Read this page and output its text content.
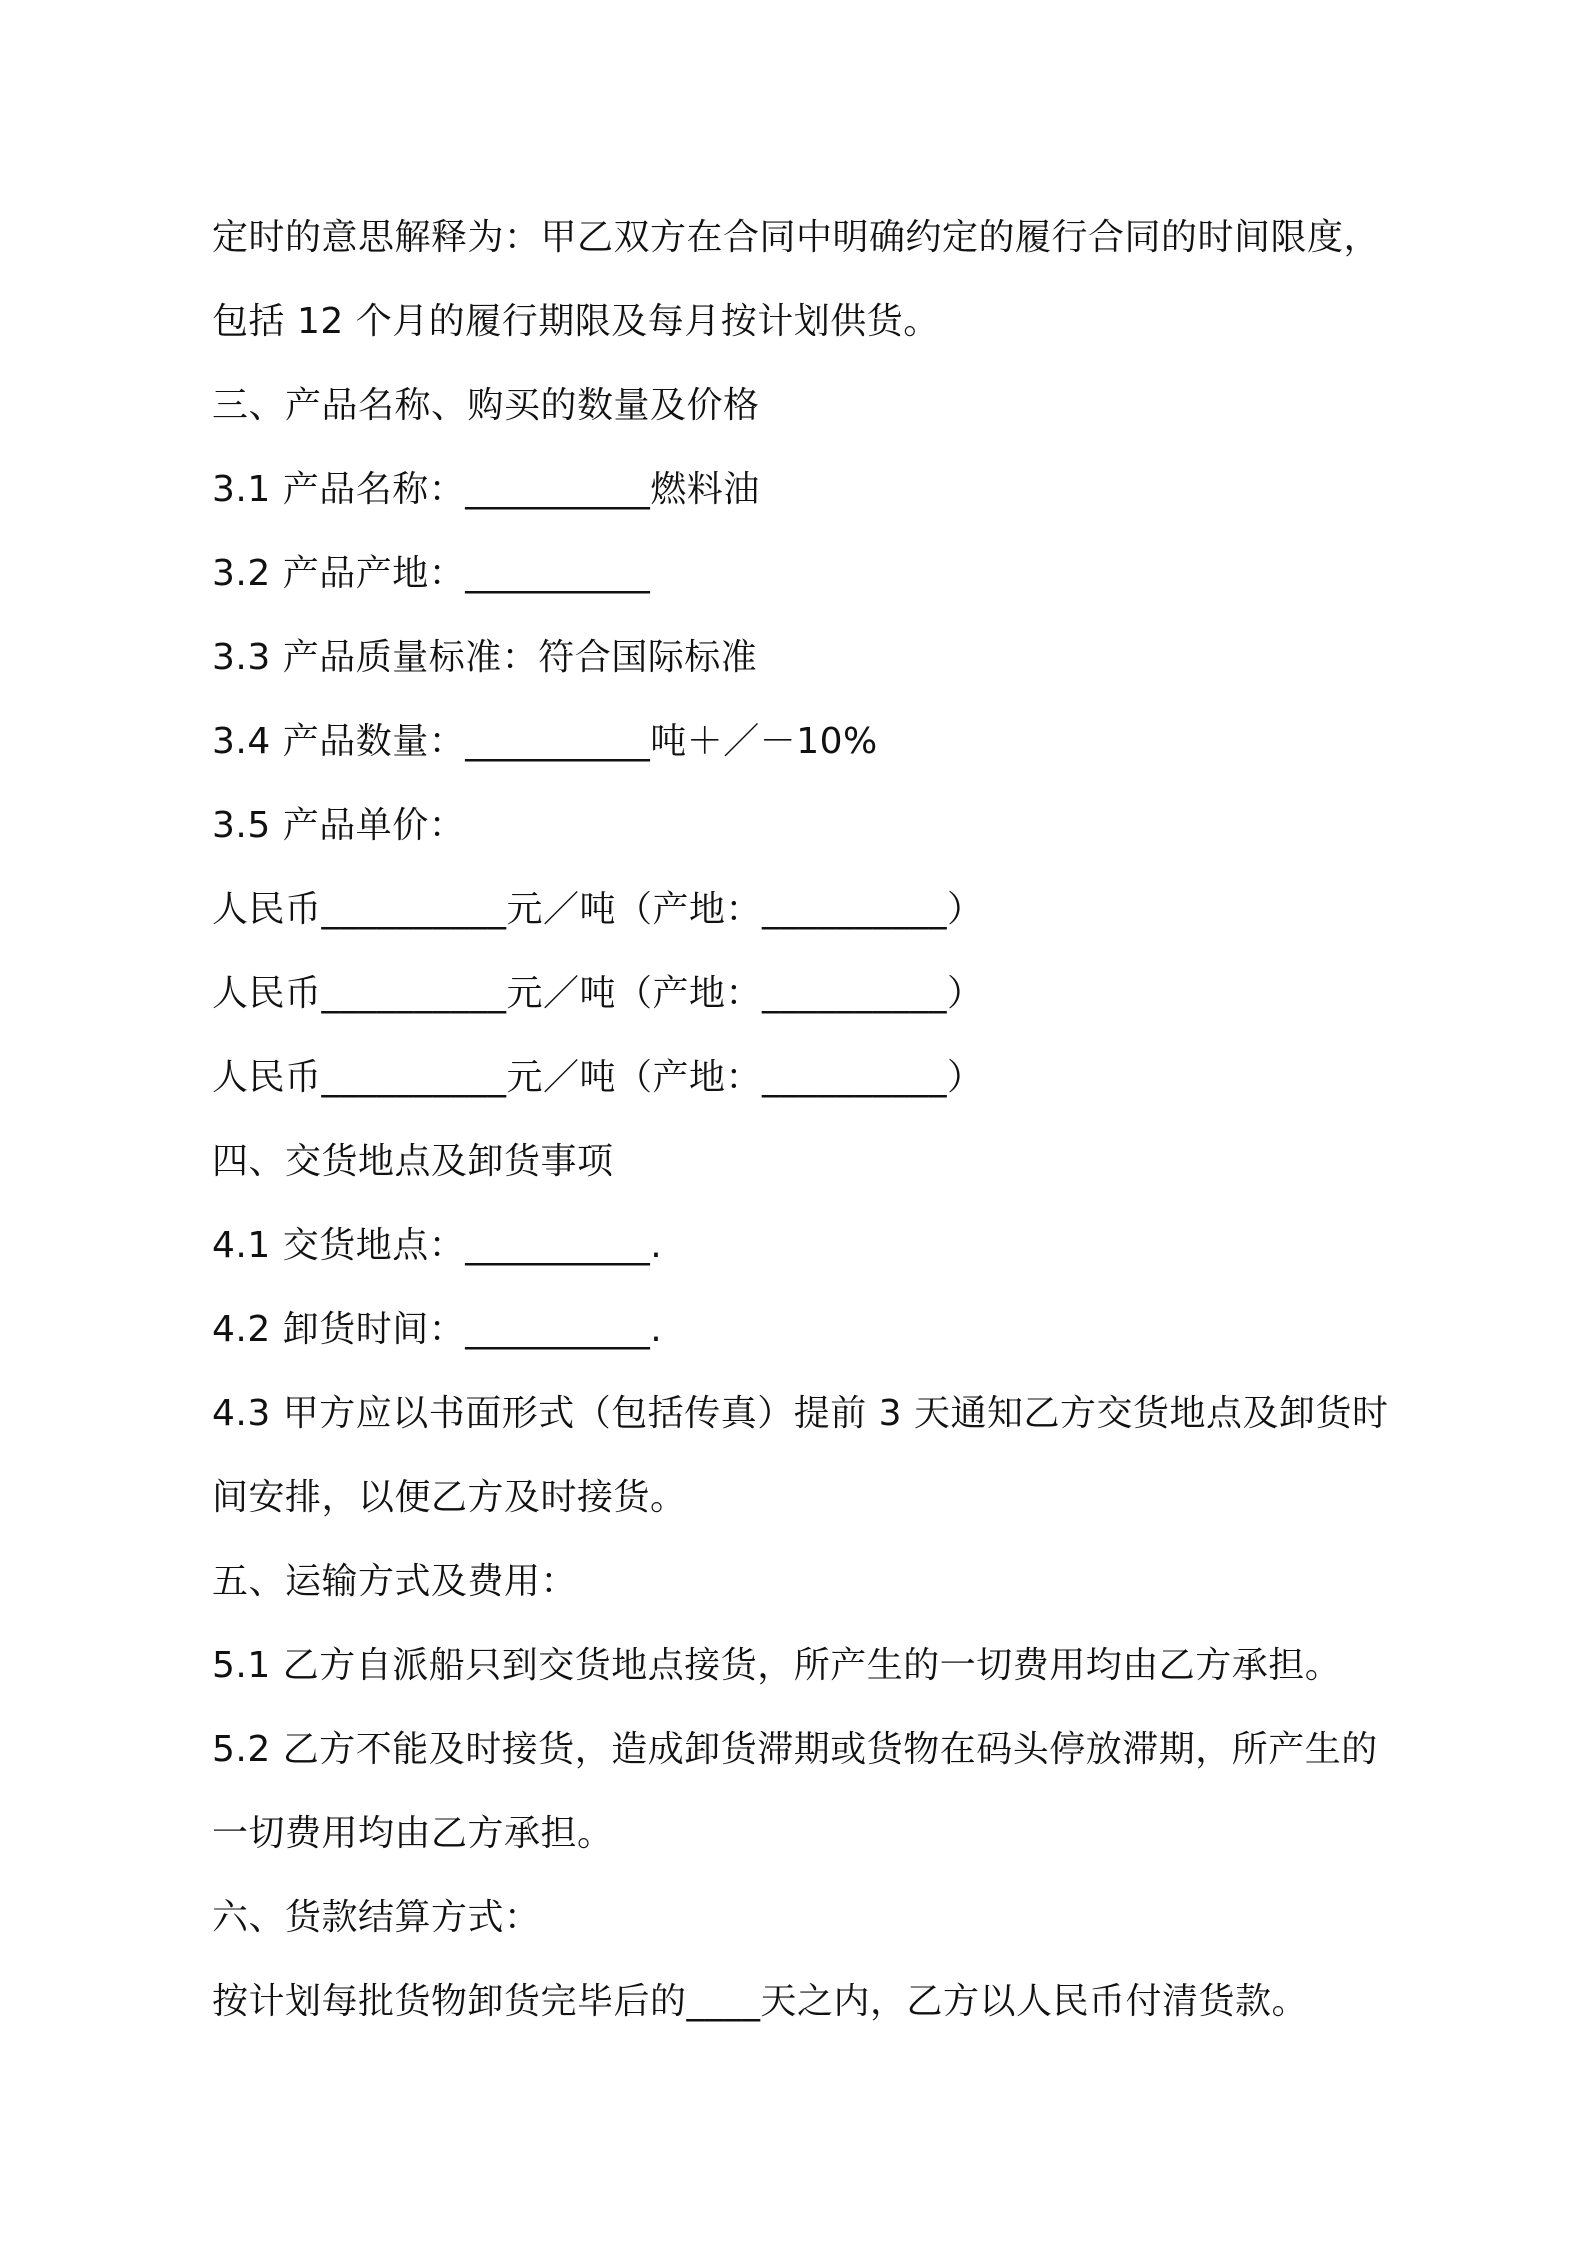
定时的意思解释为：甲乙双方在合同中明确约定的履行合同的时间限度，

包括 12 个月的履行期限及每月按计划供货。

三、产品名称、购买的数量及价格

3.1 产品名称：__________燃料油

3.2 产品产地：__________

3.3 产品质量标准：符合国际标准

3.4 产品数量：__________吨＋／－10%

3.5 产品单价：

人民币__________元／吨（产地：__________）

人民币__________元／吨（产地：__________）

人民币__________元／吨（产地：__________）

四、交货地点及卸货事项

4.1 交货地点：__________.

4.2 卸货时间：__________.

4.3 甲方应以书面形式（包括传真）提前 3 天通知乙方交货地点及卸货时

间安排，以便乙方及时接货。

五、运输方式及费用：

5.1 乙方自派船只到交货地点接货，所产生的一切费用均由乙方承担。

5.2 乙方不能及时接货，造成卸货滞期或货物在码头停放滞期，所产生的

一切费用均由乙方承担。

六、货款结算方式：

按计划每批货物卸货完毕后的____天之内，乙方以人民币付清货款。
